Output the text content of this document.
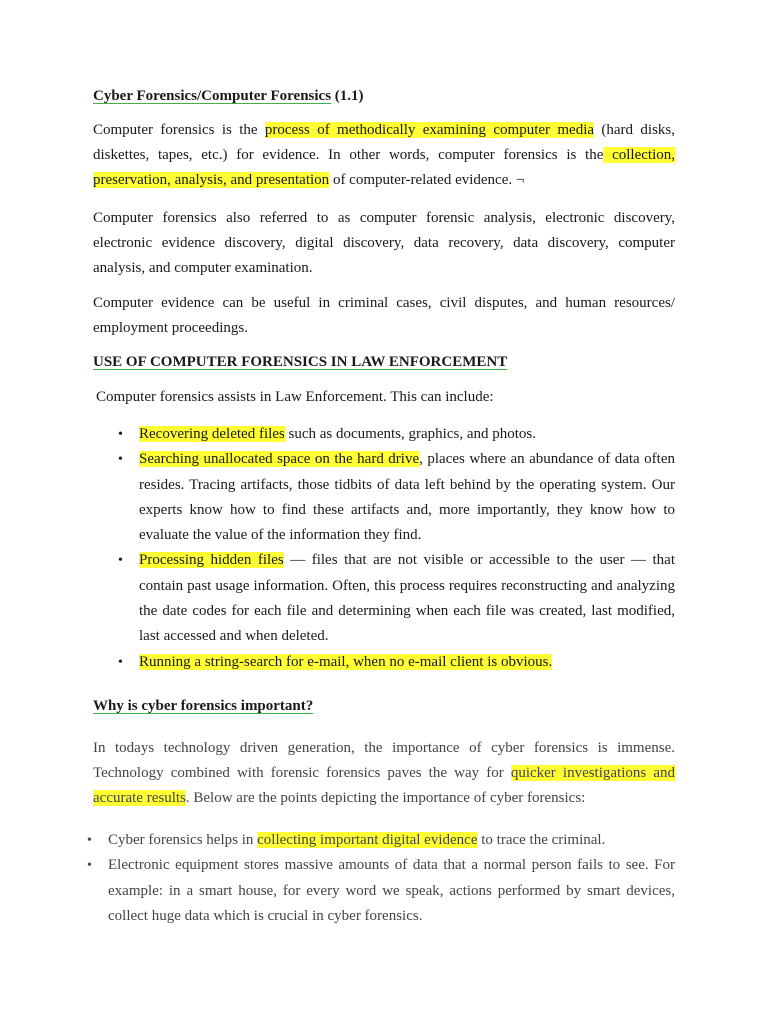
Cyber Forensics/Computer Forensics (1.1)
Computer forensics is the process of methodically examining computer media (hard disks, diskettes, tapes, etc.) for evidence. In other words, computer forensics is the collection, preservation, analysis, and presentation of computer-related evidence. ¬
Computer forensics also referred to as computer forensic analysis, electronic discovery, electronic evidence discovery, digital discovery, data recovery, data discovery, computer analysis, and computer examination.
Computer evidence can be useful in criminal cases, civil disputes, and human resources/ employment proceedings.
USE OF COMPUTER FORENSICS IN LAW ENFORCEMENT
Computer forensics assists in Law Enforcement. This can include:
• Recovering deleted files such as documents, graphics, and photos.
• Searching unallocated space on the hard drive, places where an abundance of data often resides. Tracing artifacts, those tidbits of data left behind by the operating system. Our experts know how to find these artifacts and, more importantly, they know how to evaluate the value of the information they find.
• Processing hidden files — files that are not visible or accessible to the user — that contain past usage information. Often, this process requires reconstructing and analyzing the date codes for each file and determining when each file was created, last modified, last accessed and when deleted.
• Running a string-search for e-mail, when no e-mail client is obvious.
Why is cyber forensics important?
In todays technology driven generation, the importance of cyber forensics is immense. Technology combined with forensic forensics paves the way for quicker investigations and accurate results. Below are the points depicting the importance of cyber forensics:
• Cyber forensics helps in collecting important digital evidence to trace the criminal.
• Electronic equipment stores massive amounts of data that a normal person fails to see. For example: in a smart house, for every word we speak, actions performed by smart devices, collect huge data which is crucial in cyber forensics.
